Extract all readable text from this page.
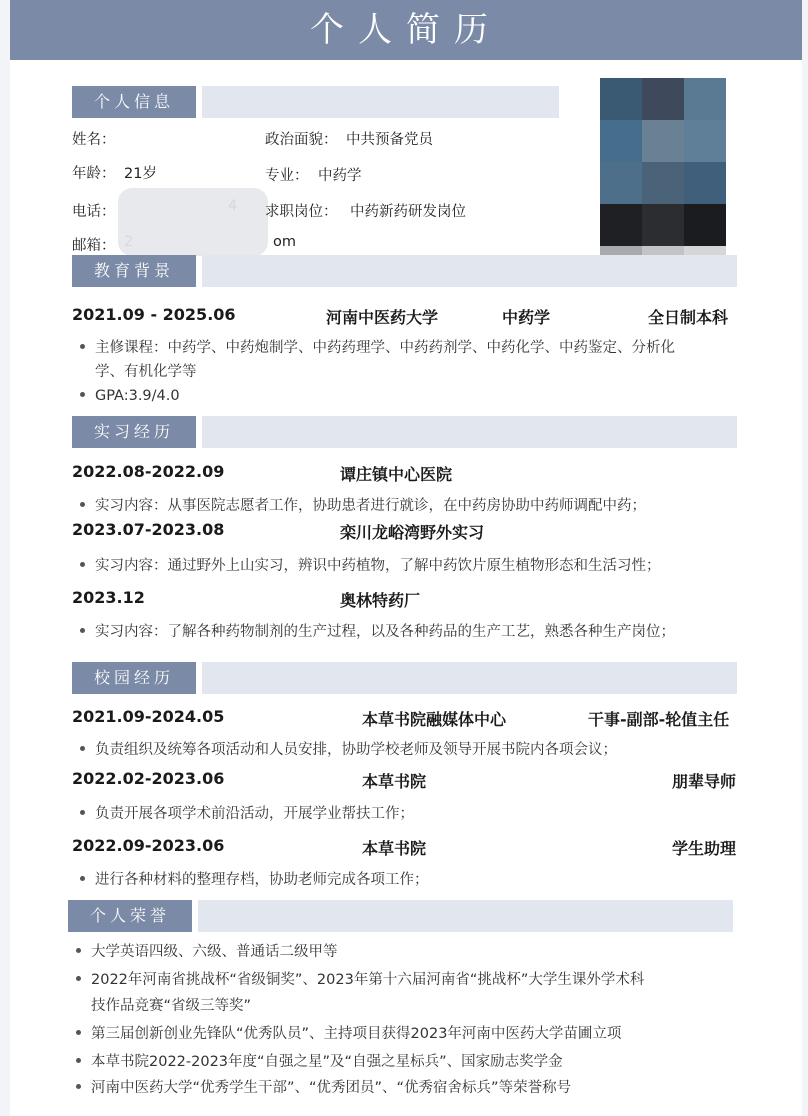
个人简历
个人信息
姓名：
年龄： 21岁
电话：
邮箱：	om
政治面貌： 中共预备党员
专业： 中药学
求职岗位： 中药新药研发岗位
教育背景
2021.09 - 2025.06	河南中医药大学	中药学	全日制本科
主修课程：中药学、中药炮制学、中药药理学、中药药剂学、中药化学、中药鉴定、分析化
学、有机化学等
GPA:3.9/4.0
实习经历
2022.08-2022.09	谭庄镇中心医院
实习内容：从事医院志愿者工作，协助患者进行就诊，在中药房协助中药师调配中药；
2023.07-2023.08	栾川龙峪湾野外实习
实习内容：通过野外上山实习，辨识中药植物，了解中药饮片原生植物形态和生活习性；
2023.12	奥林特药厂
实习内容：了解各种药物制剂的生产过程，以及各种药品的生产工艺，熟悉各种生产岗位；
校园经历
2021.09-2024.05	本草书院融媒体中心	干事-副部-轮值主任
负责组织及统筹各项活动和人员安排，协助学校老师及领导开展书院内各项会议；
2022.02-2023.06	本草书院	朋辈导师
负责开展各项学术前沿活动，开展学业帮扶工作；
2022.09-2023.06	本草书院	学生助理
进行各种材料的整理存档，协助老师完成各项工作；
个人荣誉
大学英语四级、六级、普通话二级甲等
2022年河南省挑战杯“省级铜奖”、2023年第十六届河南省“挑战杯”大学生课外学术科
技作品竞赛“省级三等奖”
第三届创新创业先锋队“优秀队员”、主持项目获得2023年河南中医药大学苗圃立项
本草书院2022-2023年度“自强之星”及“自强之星标兵”、国家励志奖学金
河南中医药大学“优秀学生干部”、“优秀团员”、“优秀宿舍标兵”等荣誉称号
